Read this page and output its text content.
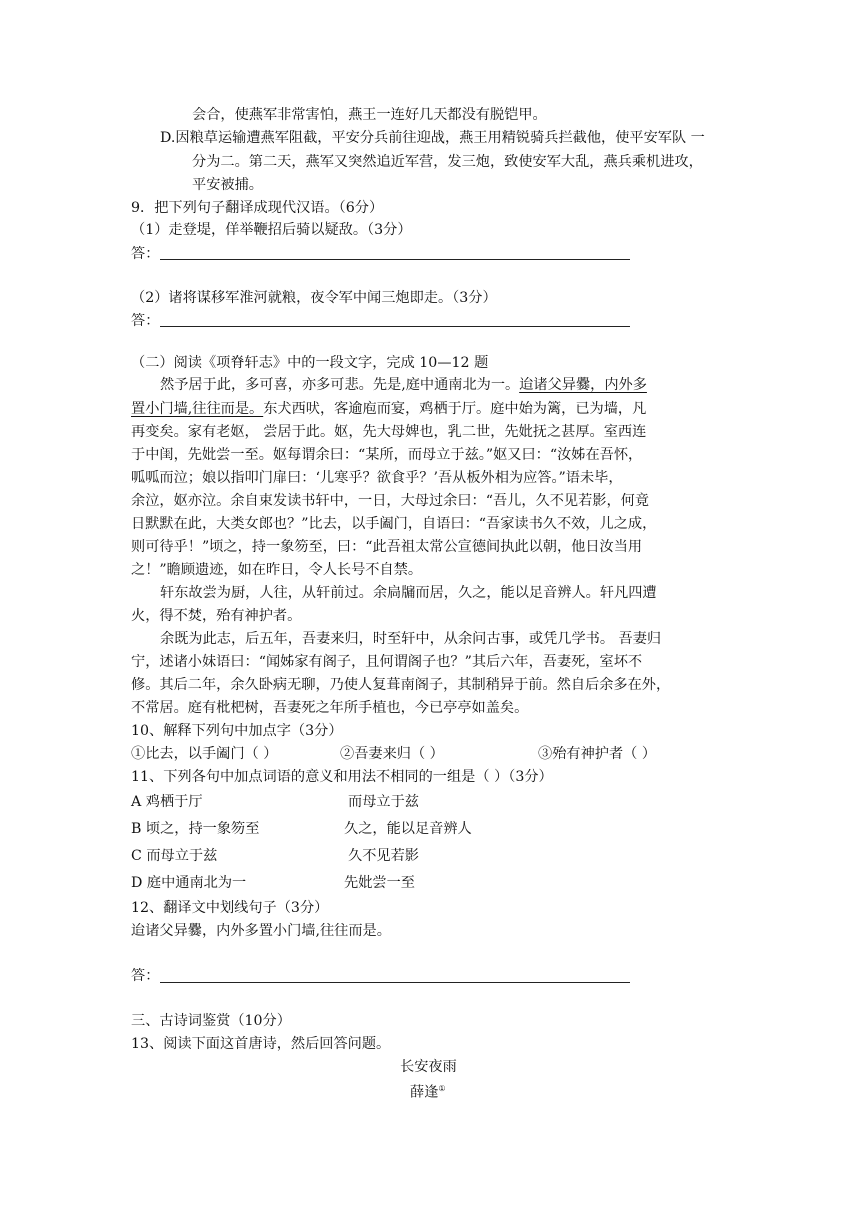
会合，使燕军非常害怕，燕王一连好几天都没有脱铠甲。
D.因粮草运输遭燕军阻截，平安分兵前往迎战，燕王用精锐骑兵拦截他，使平安军队 一
分为二。第二天，燕军又突然追近军营，发三炮，致使安军大乱，燕兵乘机进攻，
平安被捕。
9．把下列句子翻译成现代汉语。（6分）
（1）走登堤，佯举鞭招后骑以疑敌。（3分）
答：
（2）诸将谋移军淮河就粮，夜令军中闻三炮即走。（3分）
答：
（二）阅读《项脊轩志》中的一段文字，完成 10—12 题
然予居于此，多可喜，亦多可悲。先是,庭中通南北为一。迨诸父异爨，内外多
置小门墙,往往而是。东犬西吠，客逾庖而宴，鸡栖于厅。庭中始为篱，已为墙，凡
再变矣。家有老妪， 尝居于此。妪，先大母婢也，乳二世，先妣抚之甚厚。室西连
于中闺，先妣尝一至。妪每谓余曰：“某所，而母立于兹。”妪又曰：“汝姊在吾怀，
呱呱而泣；娘以指叩门扉曰：‘儿寒乎？欲食乎？’吾从板外相为应答。”语未毕，
余泣，妪亦泣。余自束发读书轩中，一日，大母过余曰：“吾儿，久不见若影，何竟
日默默在此，大类女郎也？”比去，以手阖门，自语曰：“吾家读书久不效，儿之成，
则可待乎！”顷之，持一象笏至，曰：“此吾祖太常公宣德间执此以朝，他日汝当用
之！”瞻顾遗迹，如在昨日，令人长号不自禁。
轩东故尝为厨，人往，从轩前过。余扃牖而居，久之，能以足音辨人。轩凡四遭
火，得不焚，殆有神护者。
余既为此志，后五年，吾妻来归，时至轩中，从余问古事，或凭几学书。 吾妻归
宁，述诸小妹语曰：“闻姊家有阁子，且何谓阁子也？”其后六年，吾妻死，室坏不
修。其后二年，余久卧病无聊，乃使人复葺南阁子，其制稍异于前。然自后余多在外，
不常居。庭有枇杷树，吾妻死之年所手植也，今已亭亭如盖矣。
10、解释下列句中加点字（3分）
①比去，以手阖门（ ）	②吾妻来归（ ）	③殆有神护者（ ）
11、下列各句中加点词语的意义和用法不相同的一组是（ ）（3分）
A 鸡栖于厅	而母立于兹
B 顷之，持一象笏至	久之，能以足音辨人
C 而母立于兹	久不见若影
D 庭中通南北为一	先妣尝一至
12、翻译文中划线句子（3分）
迨诸父异爨，内外多置小门墙,往往而是。
答：
三、古诗词鉴赏（10分）
13、阅读下面这首唐诗，然后回答问题。
长安夜雨
薛逢①
